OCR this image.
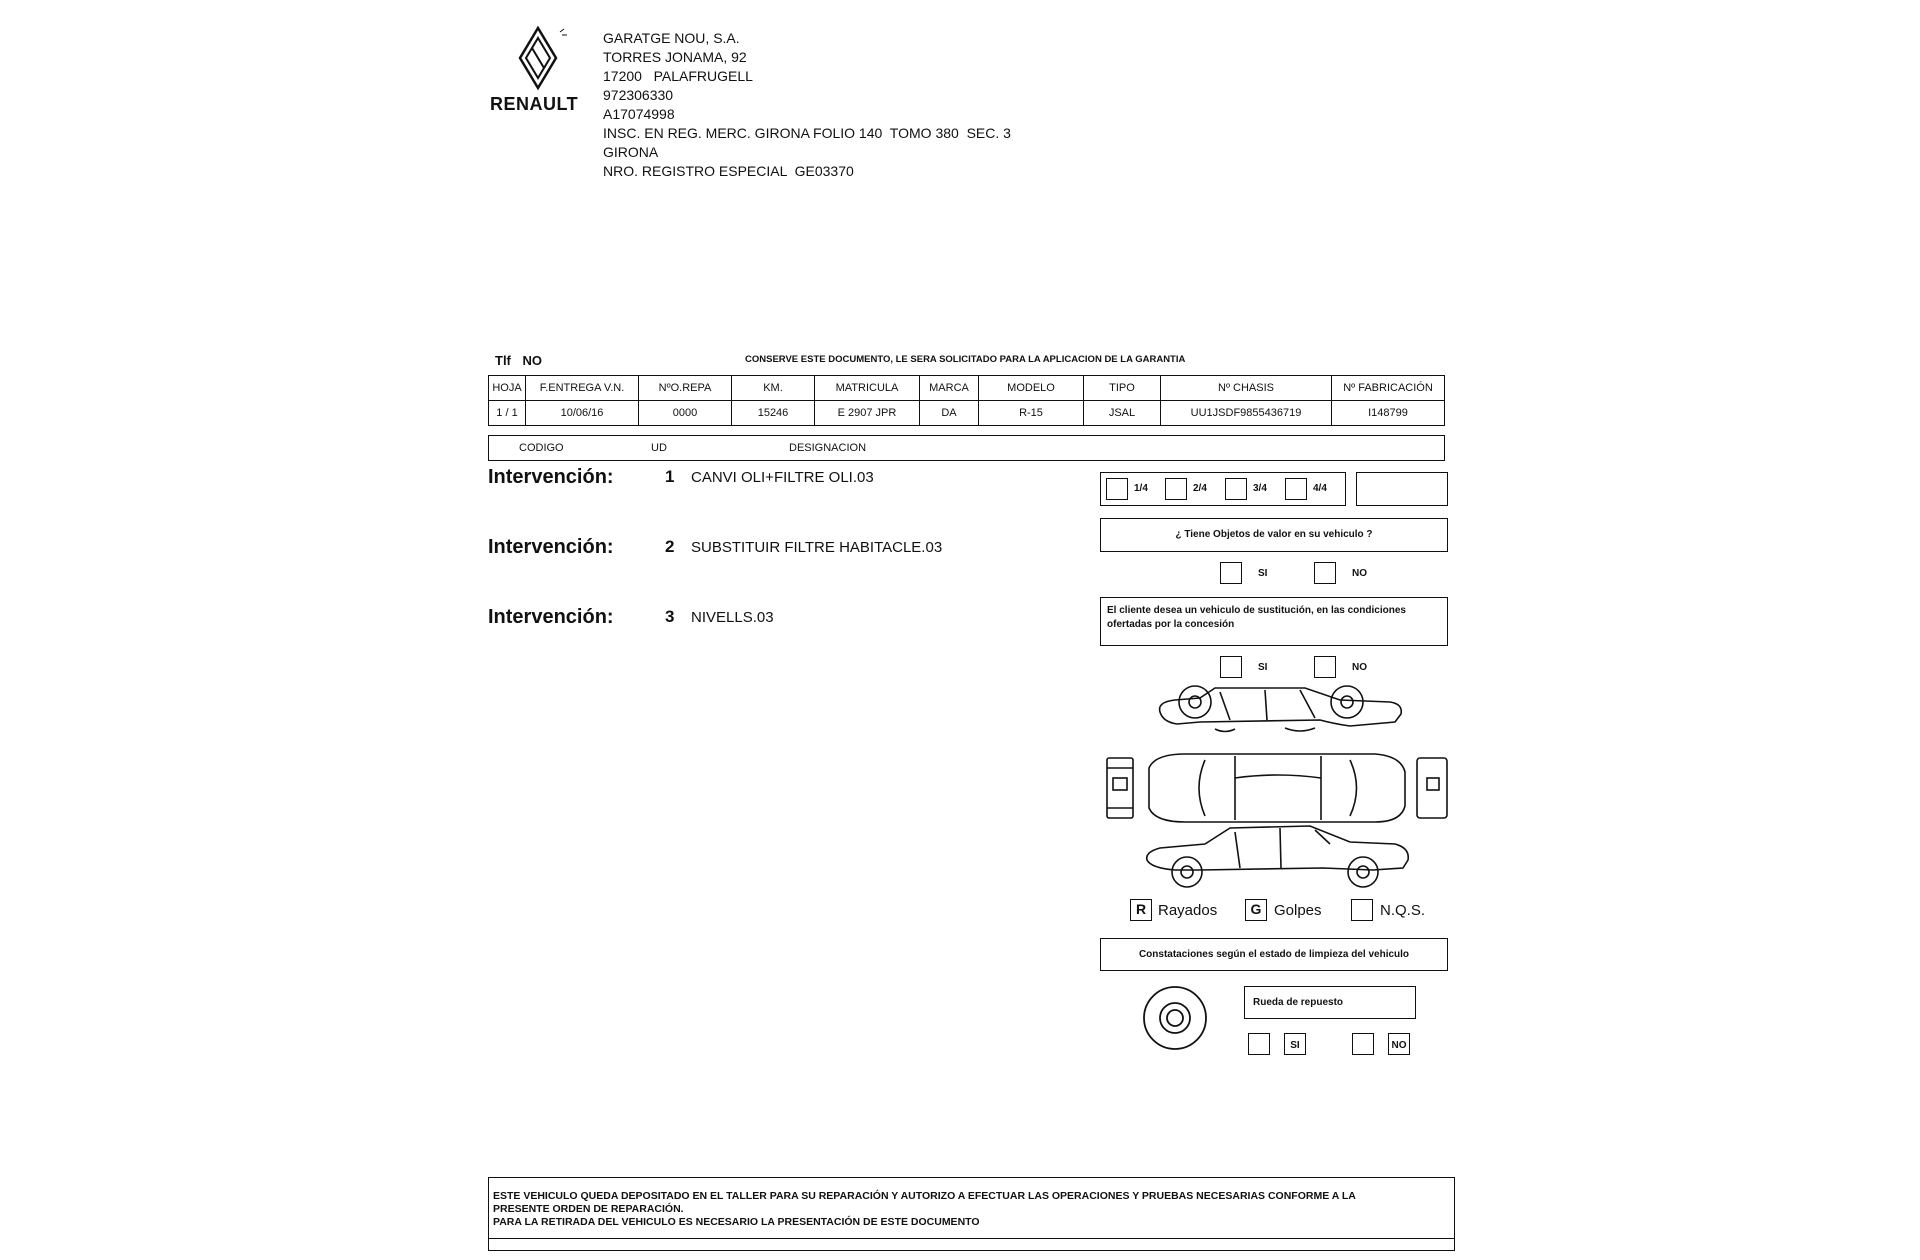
RENAULT
GARATGE NOU, S.A.
TORRES JONAMA, 92
17200   PALAFRUGELL
972306330
A17074998
INSC. EN REG. MERC. GIRONA FOLIO 140  TOMO 380  SEC. 3
GIRONA
NRO. REGISTRO ESPECIAL  GE03370
Tlf NO	CONSERVE ESTE DOCUMENTO, LE SERA SOLICITADO PARA LA APLICACION DE LA GARANTIA
HOJA	F.ENTREGA V.N.	NºO.REPA	KM.	MATRICULA	MARCA	MODELO	TIPO	Nº CHASIS	Nº FABRICACIÓN
1 / 1	10/06/16	0000	15246	E 2907 JPR	DA	R-15	JSAL	UU1JSDF9855436719	I148799
CODIGO	UD	DESIGNACION
Intervención:	1 CANVI OLI+FILTRE OLI.03
Intervención:	2 SUBSTITUIR FILTRE HABITACLE.03
Intervención:	3 NIVELLS.03
1/4	2/4	3/4	4/4
¿ Tiene Objetos de valor en su vehiculo ?
SI	NO
El cliente desea un vehiculo de sustitución, en las condiciones
ofertadas por la concesión
SI	NO
R Rayados	G Golpes	N.Q.S.
Constataciones según el estado de limpieza del vehiculo
Rueda de repuesto
SI	NO
ESTE VEHICULO QUEDA DEPOSITADO EN EL TALLER PARA SU REPARACIÓN Y AUTORIZO A EFECTUAR LAS OPERACIONES Y PRUEBAS NECESARIAS CONFORME A LA
PRESENTE ORDEN DE REPARACIÓN.
PARA LA RETIRADA DEL VEHICULO ES NECESARIO LA PRESENTACIÓN DE ESTE DOCUMENTO
